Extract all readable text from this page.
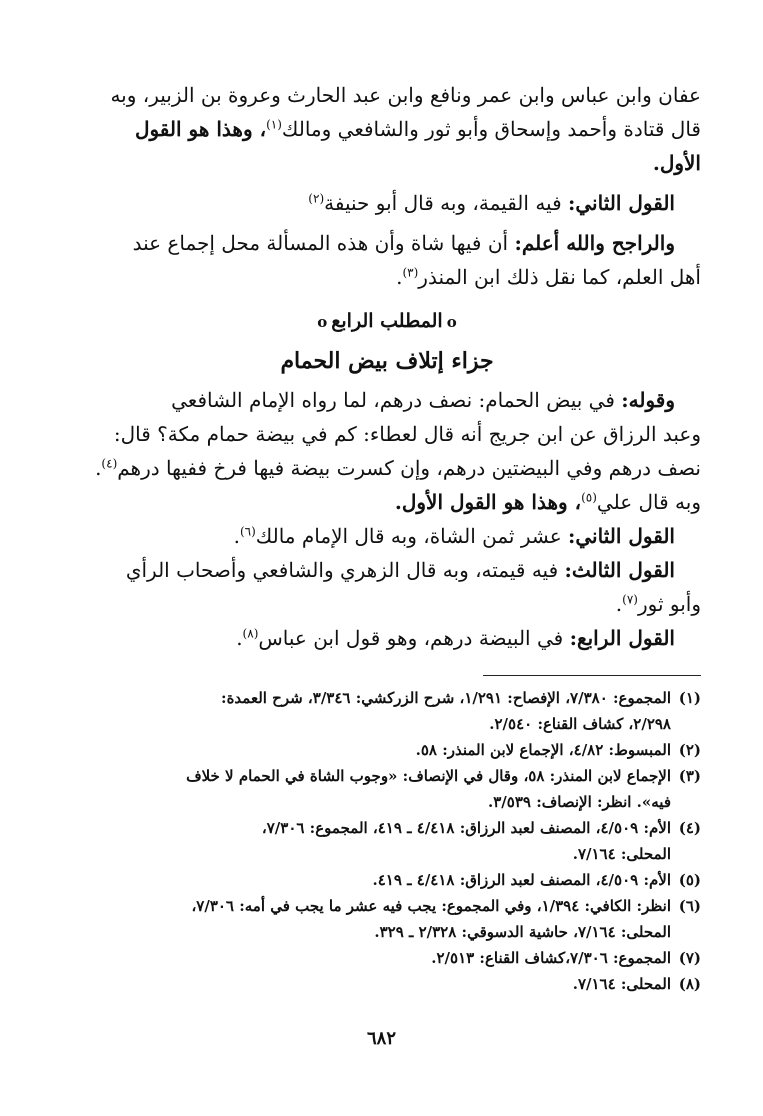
عفان وابن عباس وابن عمر ونافع وابن عبد الحارث وعروة بن الزبير، وبه
قال قتادة وأحمد وإسحاق وأبو ثور والشافعي ومالك$^{(١)}$، وهذا هو القول
الأول.
القول الثاني: فيه القيمة، وبه قال أبو حنيفة$^{(٢)}$
والراجح والله أعلم: أن فيها شاة وأن هذه المسألة محل إجماع عند
أهل العلم، كما نقل ذلك ابن المنذر$^{(٣)}$.
oالمطلب الرابعo
جزاء إتلاف بيض الحمام
وقوله: في بيض الحمام: نصف درهم، لما رواه الإمام الشافعي
وعبد الرزاق عن ابن جريج أنه قال لعطاء: كم في بيضة حمام مكة؟ قال:
نصف درهم وفي البيضتين درهم، وإن كسرت بيضة فيها فرخ ففيها درهم$^{(٤)}$.
وبه قال علي$^{(٥)}$، وهذا هو القول الأول.
القول الثاني: عشر ثمن الشاة، وبه قال الإمام مالك$^{(٦)}$.
القول الثالث: فيه قيمته، وبه قال الزهري والشافعي وأصحاب الرأي
وأبو ثور$^{(٧)}$.
القول الرابع: في البيضة درهم، وهو قول ابن عباس$^{(٨)}$.
(١)المجموع: ٧/٣٨٠، الإفصاح: ١/٢٩١، شرح الزركشي: ٣/٣٤٦، شرح العمدة:
٢/٢٩٨، كشاف القناع: ٢/٥٤٠.
(٢)المبسوط: ٤/٨٢، الإجماع لابن المنذر: ٥٨.
(٣)الإجماع لابن المنذر: ٥٨، وقال في الإنصاف: «وجوب الشاة في الحمام لا خلاف
فيه». انظر: الإنصاف: ٣/٥٣٩.
(٤)الأم: ٤/٥٠٩، المصنف لعبد الرزاق: ٤/٤١٨ ـ ٤١٩، المجموع: ٧/٣٠٦،
المحلى: ٧/١٦٤.
(٥)الأم: ٤/٥٠٩، المصنف لعبد الرزاق: ٤/٤١٨ ـ ٤١٩.
(٦)انظر: الكافي: ١/٣٩٤، وفي المجموع: يجب فيه عشر ما يجب في أمه: ٧/٣٠٦،
المحلى: ٧/١٦٤، حاشية الدسوقي: ٢/٣٢٨ ـ ٣٢٩.
(٧)المجموع: ٧/٣٠٦،كشاف القناع: ٢/٥١٣.
(٨)المحلى: ٧/١٦٤.
٦٨٢
